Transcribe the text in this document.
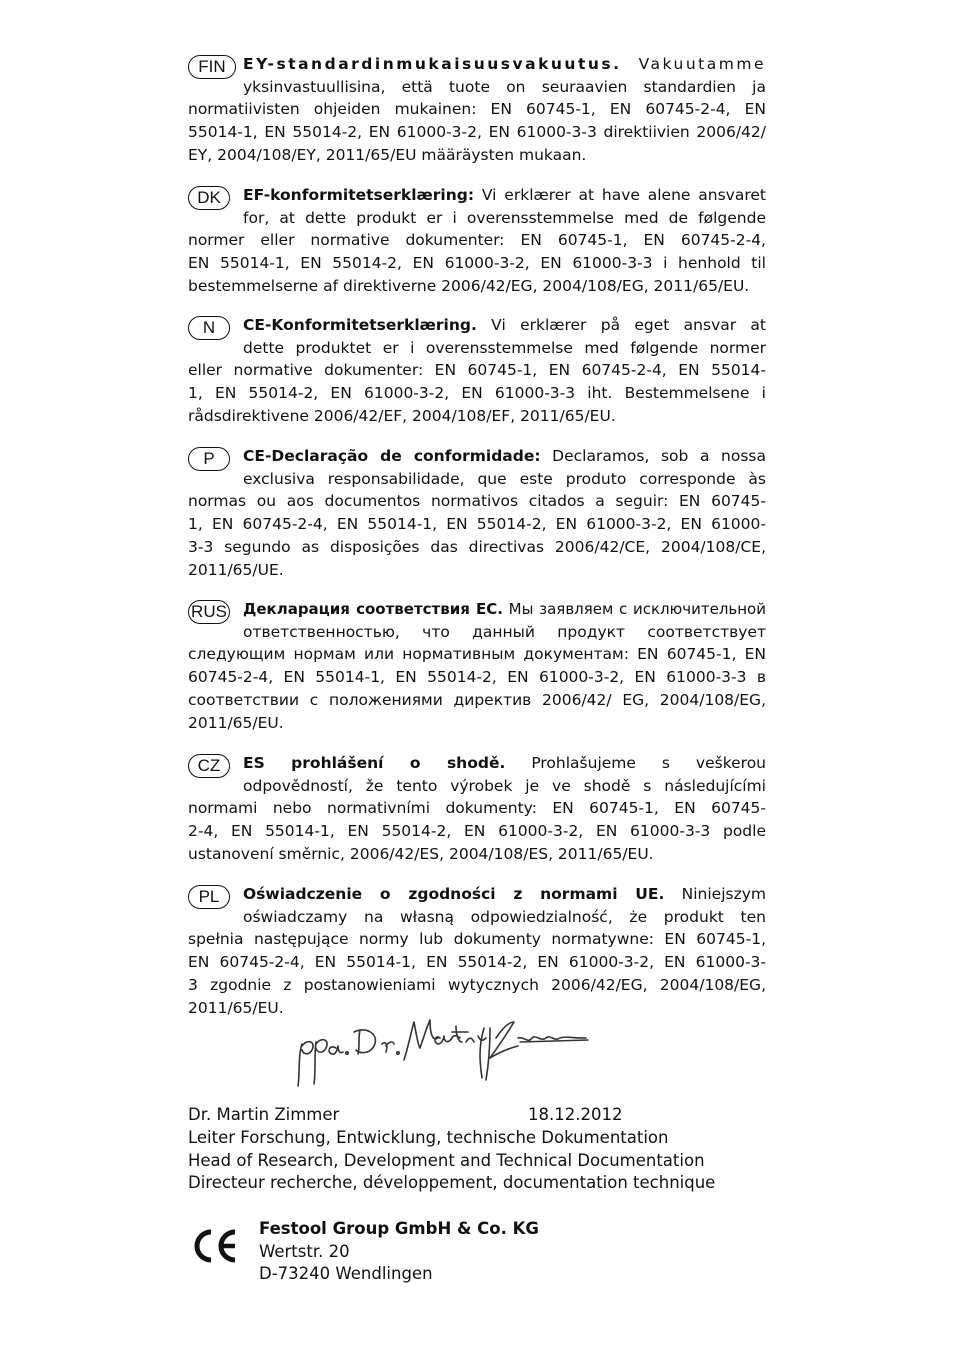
FIN	EY-standardinmukaisuusvakuutus. Vakuutamme
yksinvastuullisina, että tuote on seuraavien standardien ja
normatiivisten ohjeiden mukainen: EN 60745-1, EN 60745-2-4, EN
55014-1, EN 55014-2, EN 61000-3-2, EN 61000-3-3 direktiivien 2006/42/
EY, 2004/108/EY, 2011/65/EU määräysten mukaan.
DK	EF-konformitetserklæring: Vi erklærer at have alene ansvaret
for, at dette produkt er i overensstemmelse med de følgende
normer eller normative dokumenter: EN 60745-1, EN 60745-2-4,
EN 55014-1, EN 55014-2, EN 61000-3-2, EN 61000-3-3 i henhold til
bestemmelserne af direktiverne 2006/42/EG, 2004/108/EG, 2011/65/EU.
N	CE-Konformitetserklæring. Vi erklærer på eget ansvar at
dette produktet er i overensstemmelse med følgende normer
eller normative dokumenter: EN 60745-1, EN 60745-2-4, EN 55014-
1, EN 55014-2, EN 61000-3-2, EN 61000-3-3 iht. Bestemmelsene i
rådsdirektivene 2006/42/EF, 2004/108/EF, 2011/65/EU.
P	CE-Declaração de conformidade: Declaramos, sob a nossa
exclusiva responsabilidade, que este produto corresponde às
normas ou aos documentos normativos citados a seguir: EN 60745-
1, EN 60745-2-4, EN 55014-1, EN 55014-2, EN 61000-3-2, EN 61000-
3-3 segundo as disposições das directivas 2006/42/CE, 2004/108/CE,
2011/65/UE.
RUS Декларация соответствия ЕС. Мы заявляем с исключительной
ответственностью, что данный продукт соответствует
следующим нормам или нормативным документам: EN 60745-1, EN
60745-2-4, EN 55014-1, EN 55014-2, EN 61000-3-2, EN 61000-3-3 в
соответствии с положениями директив 2006/42/ EG, 2004/108/EG,
2011/65/EU.
CZ	ES prohlášení o shodě. Prohlašujeme s veškerou
odpovědností, že tento výrobek je ve shodě s následujícími
normami nebo normativními dokumenty: EN 60745-1, EN 60745-
2-4, EN 55014-1, EN 55014-2, EN 61000-3-2, EN 61000-3-3 podle
ustanovení směrnic, 2006/42/ES, 2004/108/ES, 2011/65/EU.
PL	Oświadczenie o zgodności z normami UE. Niniejszym
oświadczamy na własną odpowiedzialność, że produkt ten
spełnia następujące normy lub dokumenty normatywne: EN 60745-1,
EN 60745-2-4, EN 55014-1, EN 55014-2, EN 61000-3-2, EN 61000-3-
3 zgodnie z postanowieniami wytycznych 2006/42/EG, 2004/108/EG,
2011/65/EU.
Dr. Martin Zimmer	18.12.2012
Leiter Forschung, Entwicklung, technische Dokumentation
Head of Research, Development and Technical Documentation
Directeur recherche, développement, documentation technique
Festool Group GmbH & Co. KG
Wertstr. 20
D-73240 Wendlingen
